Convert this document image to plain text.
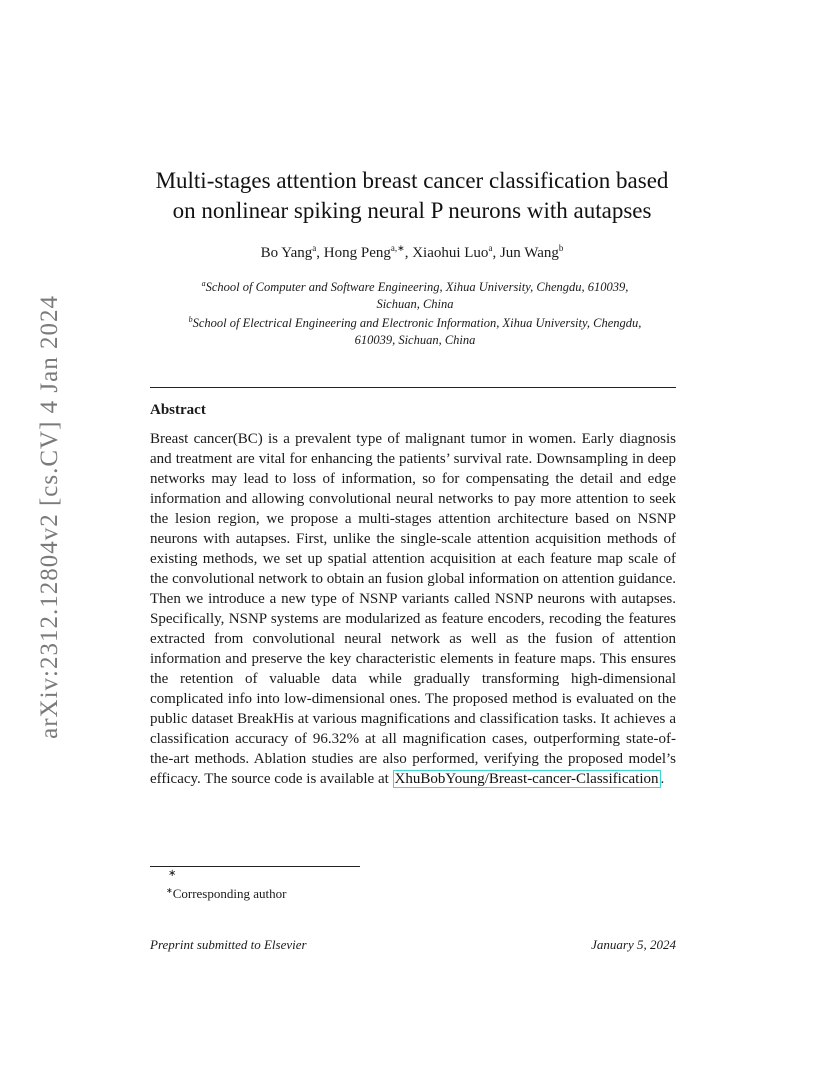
arXiv:2312.12804v2 [cs.CV] 4 Jan 2024
Multi-stages attention breast cancer classification based
on nonlinear spiking neural P neurons with autapses
Bo Yang$^a$, Hong Peng$^{a,∗}$, Xiaohui Luo$^a$, Jun Wang$^b$
$^a$School of Computer and Software Engineering, Xihua University, Chengdu, 610039, Sichuan, China
$^b$School of Electrical Engineering and Electronic Information, Xihua University, Chengdu, 610039, Sichuan, China
Abstract
Breast cancer(BC) is a prevalent type of malignant tumor in women. Early diagnosis and treatment are vital for enhancing the patients’ survival rate. Downsampling in deep networks may lead to loss of information, so for compensating the detail and edge information and allowing convolutional neural networks to pay more attention to seek the lesion region, we propose a multi-stages attention architecture based on NSNP neurons with autapses. First, unlike the single-scale attention acquisition methods of existing methods, we set up spatial attention acquisition at each feature map scale of the convolutional network to obtain an fusion global information on attention guidance. Then we introduce a new type of NSNP variants called NSNP neurons with autapses. Specifically, NSNP systems are modularized as feature encoders, recoding the features extracted from convolutional neural network as well as the fusion of attention information and preserve the key characteristic elements in feature maps. This ensures the retention of valuable data while gradually transforming high-dimensional complicated info into low-dimensional ones. The proposed method is evaluated on the public dataset BreakHis at various magnifications and classification tasks. It achieves a classification accuracy of 96.32% at all magnification cases, outperforming state-of-the-art methods. Ablation studies are also performed, verifying the proposed model’s efficacy. The source code is available at XhuBobYoung/Breast-cancer-Classification .
∗
∗Corresponding author
Preprint submitted to Elsevier	January 5, 2024
